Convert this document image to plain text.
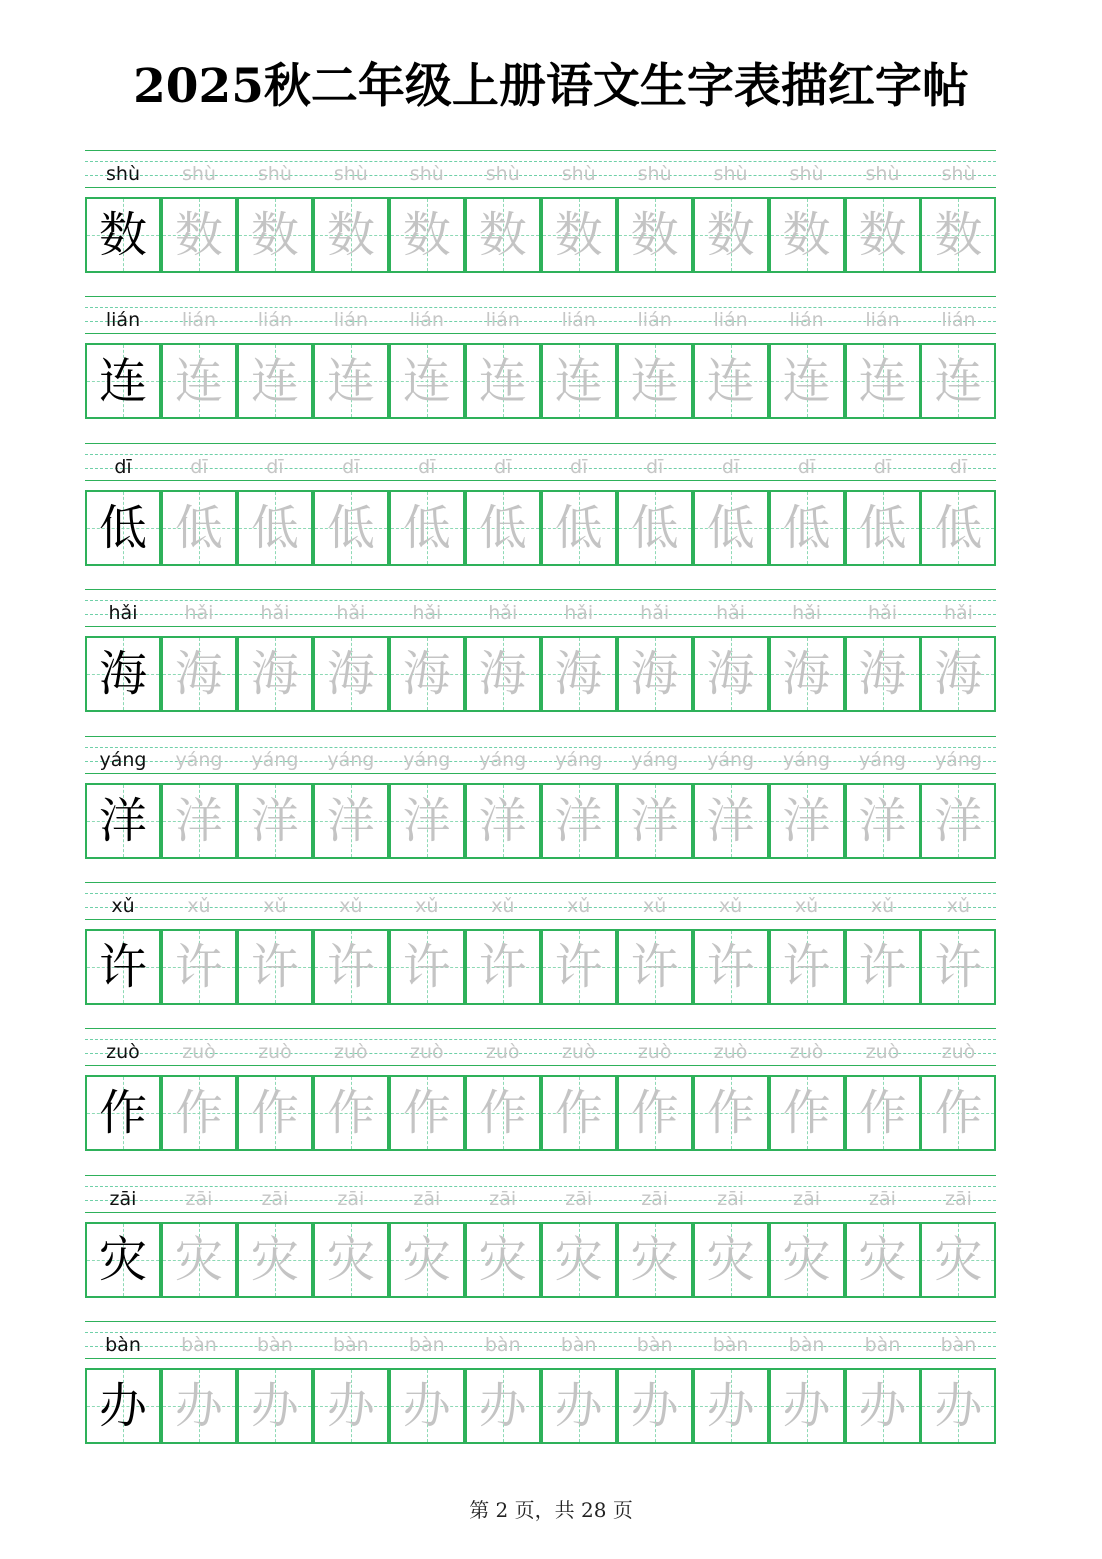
2025秋二年级上册语文生字表描红字帖
shù	shù	shù	shù	shù	shù	shù	shù	shù	shù	shù	shù
数 数 数 数 数 数 数 数 数 数 数 数
lián	lián	lián	lián	lián	lián	lián	lián	lián	lián	lián	lián
连 连 连 连 连 连 连 连 连 连 连 连
dī	dī	dī	dī	dī	dī	dī	dī	dī	dī	dī	dī
低 低 低 低 低 低 低 低 低 低 低 低
hǎi	hǎi	hǎi	hǎi	hǎi	hǎi	hǎi	hǎi	hǎi	hǎi	hǎi	hǎi
海 海 海 海 海 海 海 海 海 海 海 海
yáng	yáng	yáng	yáng	yáng	yáng	yáng	yáng	yáng	yáng	yáng	yáng
洋 洋 洋 洋 洋 洋 洋 洋 洋 洋 洋 洋
xǔ	xǔ	xǔ	xǔ	xǔ	xǔ	xǔ	xǔ	xǔ	xǔ	xǔ	xǔ
许 许 许 许 许 许 许 许 许 许 许 许
zuò	zuò	zuò	zuò	zuò	zuò	zuò	zuò	zuò	zuò	zuò	zuò
作 作 作 作 作 作 作 作 作 作 作 作
zāi	zāi	zāi	zāi	zāi	zāi	zāi	zāi	zāi	zāi	zāi	zāi
灾 灾 灾 灾 灾 灾 灾 灾 灾 灾 灾 灾
bàn	bàn	bàn	bàn	bàn	bàn	bàn	bàn	bàn	bàn	bàn	bàn
办 办 办 办 办 办 办 办 办 办 办 办
第 2 页，共 28 页
